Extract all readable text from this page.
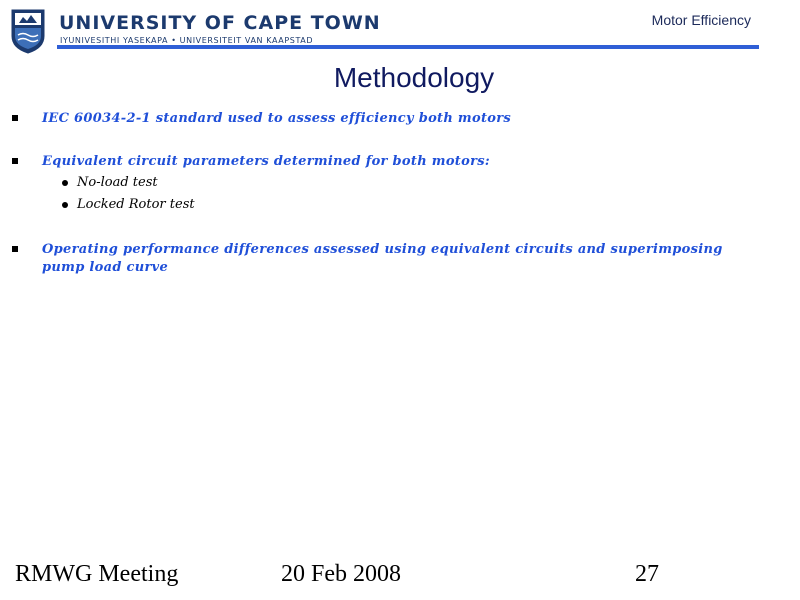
UNIVERSITY OF CAPE TOWN
IYUNIVESITHI YASEKAPA • UNIVERSITEIT VAN KAAPSTAD
Motor Efficiency
Methodology
IEC 60034-2-1 standard used to assess efficiency both motors
Equivalent circuit parameters determined for both motors:
No-load test
Locked Rotor test
Operating performance differences assessed using equivalent circuits and superimposing pump load curve
RMWG Meeting	20 Feb 2008	27
